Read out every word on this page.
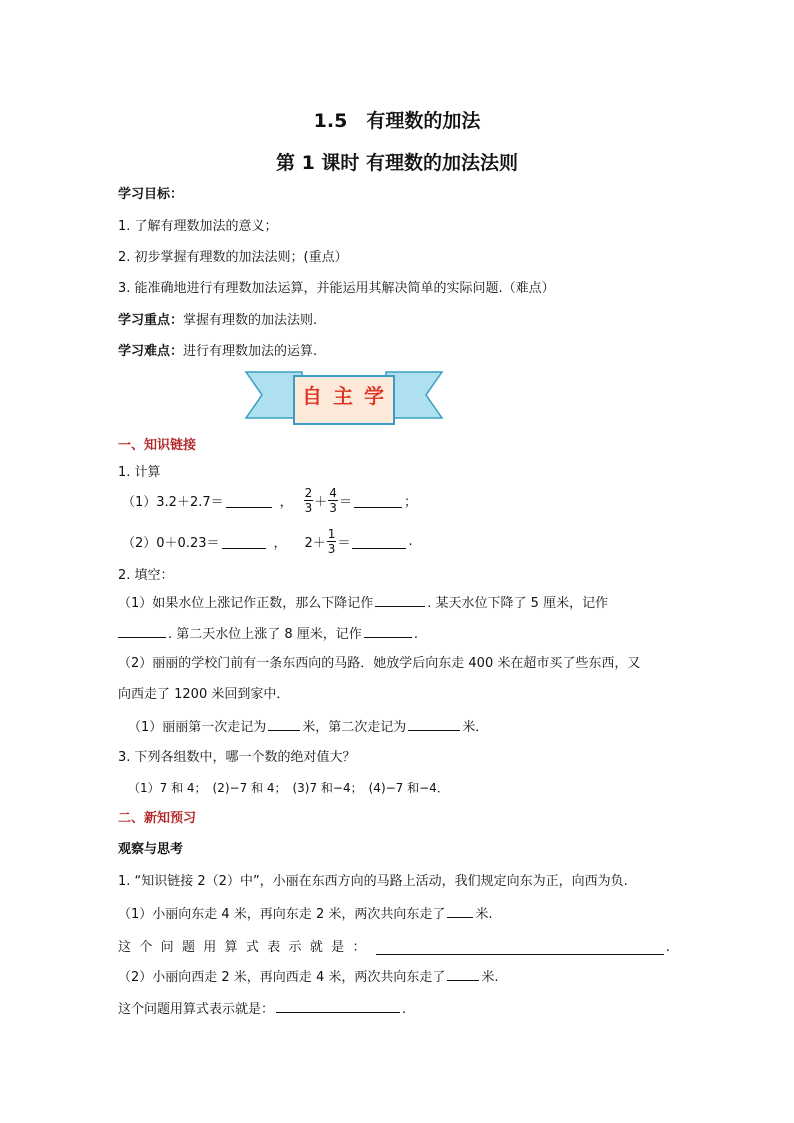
1.5　有理数的加法
第 1 课时 有理数的加法法则
学习目标：
1. 了解有理数加法的意义；
2. 初步掌握有理数的加法法则；(重点）
3. 能准确地进行有理数加法运算，并能运用其解决简单的实际问题.（难点）
学习重点：掌握有理数的加法法则.
学习难点：进行有理数加法的运算.
自 主 学
一、知识链接
1. 计算
（1）3.2＋2.7＝	， $\frac{2}{3} + \frac{4}{3}$ ＝	；
（2）0＋0.23＝	， $2+ \frac{1}{3}$ ＝	.
2. 填空：
（1）如果水位上涨记作正数，那么下降记作	. 某天水位下降了 5 厘米，记作
. 第二天水位上涨了 8 厘米，记作	.
（2）丽丽的学校门前有一条东西向的马路．她放学后向东走 400 米在超市买了些东西，又
向西走了 1200 米回到家中．
（1）丽丽第一次走记为	米，第二次走记为	米．
3. 下列各组数中，哪一个数的绝对值大？
（1）7 和 4；　(2)−7 和 4；　(3)7 和−4；　(4)−7 和−4．
二、新知预习
观察与思考
1. “知识链接 2（2）中”，小丽在东西方向的马路上活动，我们规定向东为正，向西为负.
（1）小丽向东走 4 米，再向东走 2 米，两次共向东走了 米.
这 个 问 题 用 算 式 表 示 就 是 ：	.
（2）小丽向西走 2 米，再向西走 4 米，两次共向东走了	米.
这个问题用算式表示就是：	.
